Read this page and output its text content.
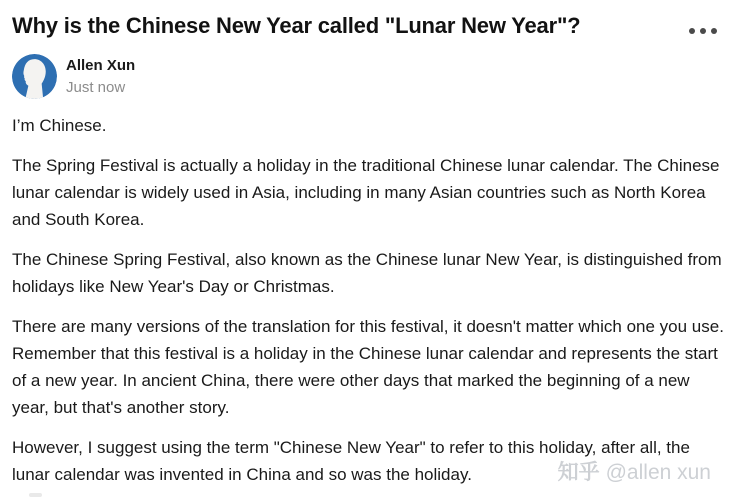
Why is the Chinese New Year called "Lunar New Year"?
Allen Xun
Just now

I’m Chinese.

The Spring Festival is actually a holiday in the traditional Chinese lunar calendar. The Chinese lunar calendar is widely used in Asia, including in many Asian countries such as North Korea and South Korea.

The Chinese Spring Festival, also known as the Chinese lunar New Year, is distinguished from holidays like New Year's Day or Christmas.

There are many versions of the translation for this festival, it doesn't matter which one you use. Remember that this festival is a holiday in the Chinese lunar calendar and represents the start of a new year. In ancient China, there were other days that marked the beginning of a new year, but that's another story.

However, I suggest using the term "Chinese New Year" to refer to this holiday, after all, the lunar calendar was invented in China and so was the holiday.	知乎 @allen xun
